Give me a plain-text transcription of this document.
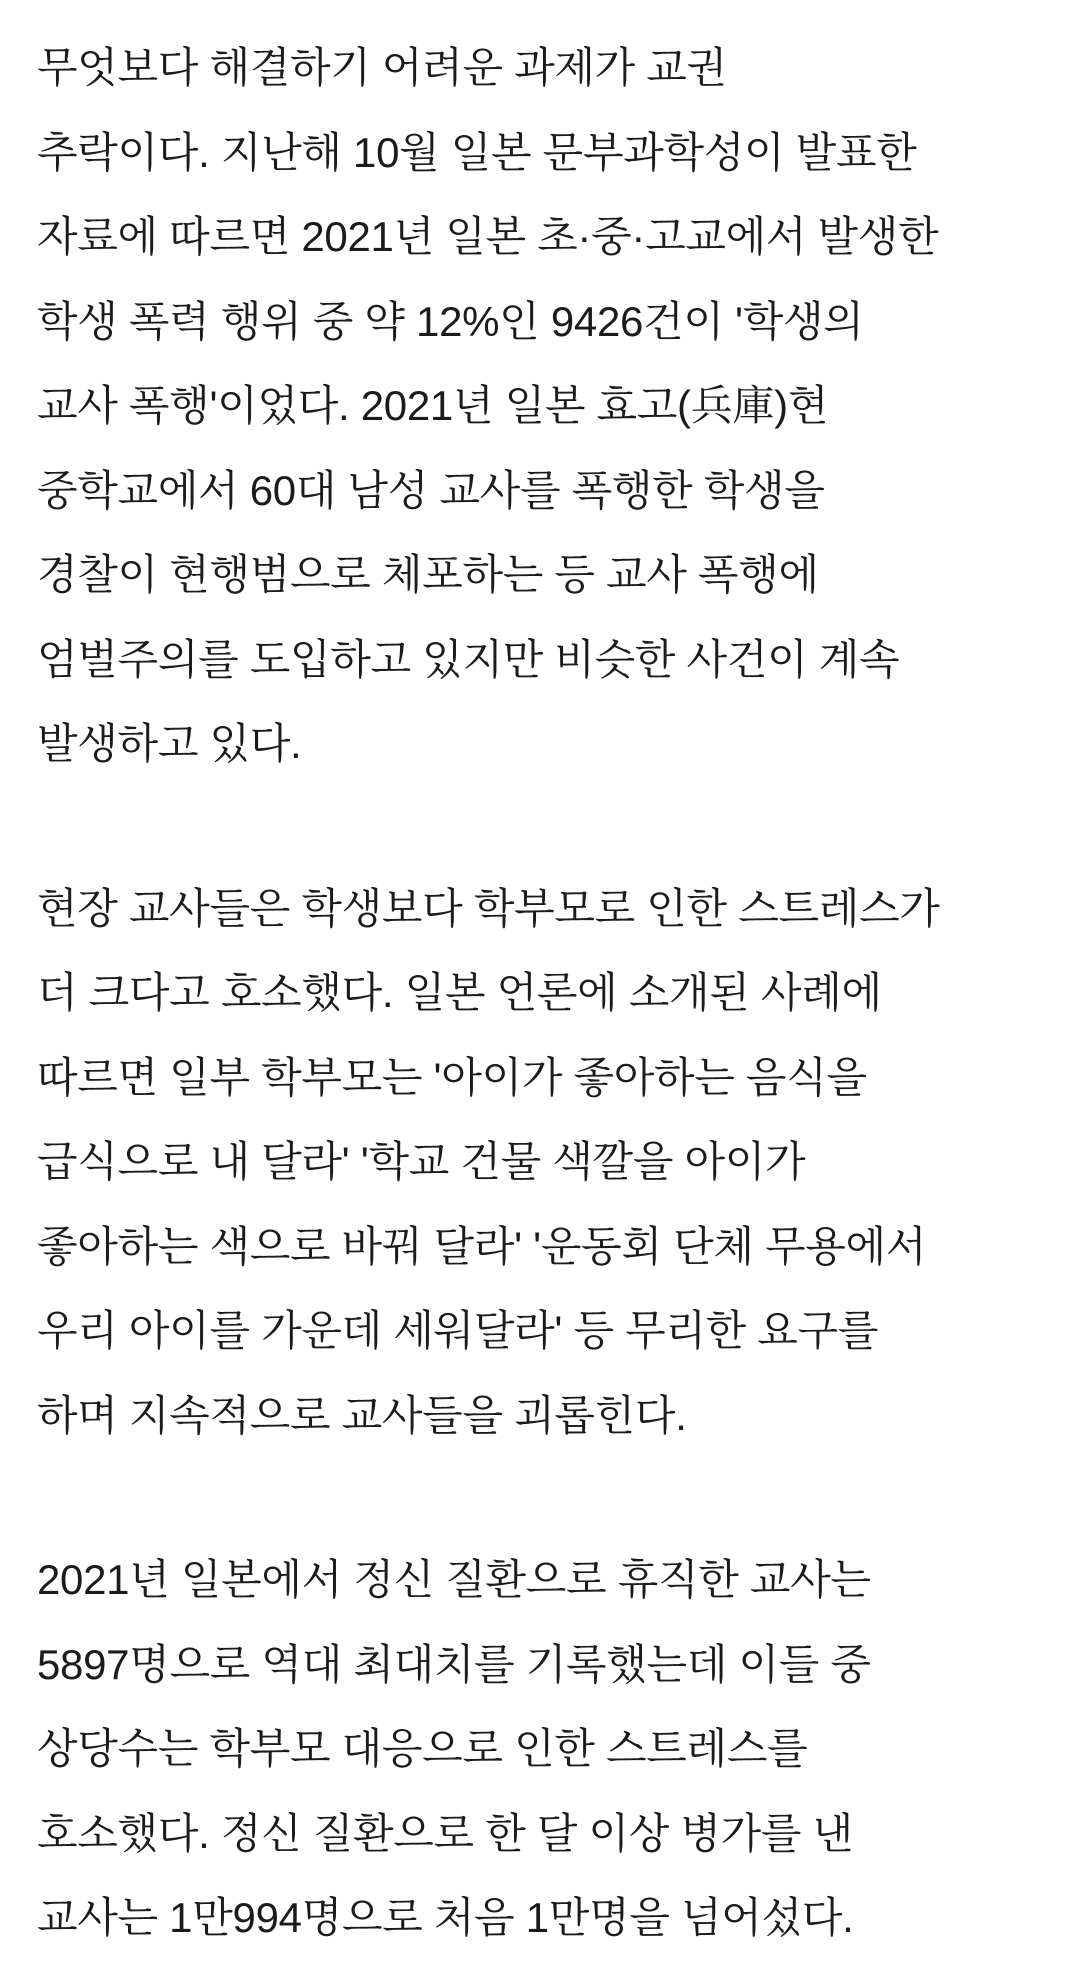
무엇보다 해결하기 어려운 과제가 교권
추락이다. 지난해 10월 일본 문부과학성이 발표한
자료에 따르면 2021년 일본 초·중·고교에서 발생한
학생 폭력 행위 중 약 12%인 9426건이 '학생의
교사 폭행'이었다. 2021년 일본 효고(兵庫)현
중학교에서 60대 남성 교사를 폭행한 학생을
경찰이 현행범으로 체포하는 등 교사 폭행에
엄벌주의를 도입하고 있지만 비슷한 사건이 계속
발생하고 있다.
현장 교사들은 학생보다 학부모로 인한 스트레스가
더 크다고 호소했다. 일본 언론에 소개된 사례에
따르면 일부 학부모는 '아이가 좋아하는 음식을
급식으로 내 달라' '학교 건물 색깔을 아이가
좋아하는 색으로 바꿔 달라' '운동회 단체 무용에서
우리 아이를 가운데 세워달라' 등 무리한 요구를
하며 지속적으로 교사들을 괴롭힌다.
2021년 일본에서 정신 질환으로 휴직한 교사는
5897명으로 역대 최대치를 기록했는데 이들 중
상당수는 학부모 대응으로 인한 스트레스를
호소했다. 정신 질환으로 한 달 이상 병가를 낸
교사는 1만994명으로 처음 1만명을 넘어섰다.
